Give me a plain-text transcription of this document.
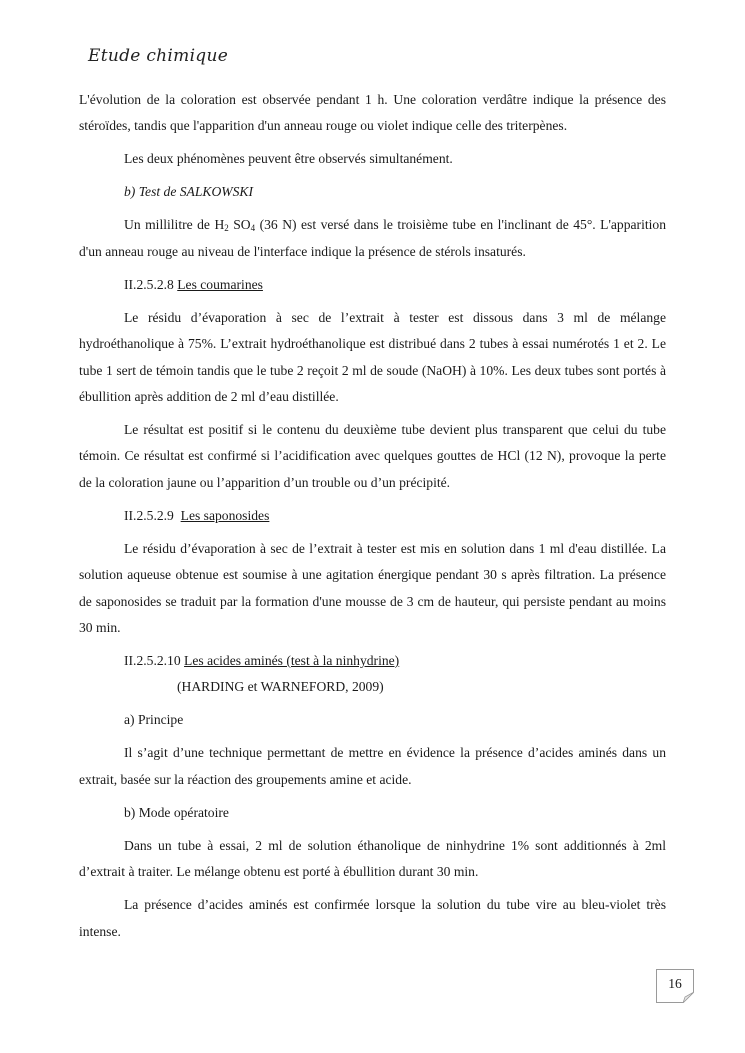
Etude chimique

L'évolution de la coloration est observée pendant 1 h. Une coloration verdâtre indique la présence des stéroïdes, tandis que l'apparition d'un anneau rouge ou violet indique celle des triterpènes.

Les deux phénomènes peuvent être observés simultanément.

b) Test de SALKOWSKI

Un millilitre de $H_2$ $SO_4$ (36 N) est versé dans le troisième tube en l'inclinant de 45°. L'apparition d'un anneau rouge au niveau de l'interface indique la présence de stérols insaturés.

II.2.5.2.8 Les coumarines

Le résidu d’évaporation à sec de l’extrait à tester est dissous dans 3 ml de mélange hydroéthanolique à 75%. L’extrait hydroéthanolique est distribué dans 2 tubes à essai numérotés 1 et 2. Le tube 1 sert de témoin tandis que le tube 2 reçoit 2 ml de soude (NaOH) à 10%. Les deux tubes sont portés à ébullition après addition de 2 ml d’eau distillée.

Le résultat est positif si le contenu du deuxième tube devient plus transparent que celui du tube témoin. Ce résultat est confirmé si l’acidification avec quelques gouttes de HCl (12 N), provoque la perte de la coloration jaune ou l’apparition d’un trouble ou d’un précipité.

II.2.5.2.9 Les saponosides

Le résidu d’évaporation à sec de l’extrait à tester est mis en solution dans 1 ml d'eau distillée. La solution aqueuse obtenue est soumise à une agitation énergique pendant 30 s après filtration. La présence de saponosides se traduit par la formation d'une mousse de 3 cm de hauteur, qui persiste pendant au moins 30 min.

II.2.5.2.10 Les acides aminés (test à la ninhydrine)

(HARDING et WARNEFORD, 2009)

a) Principe

Il s’agit d’une technique permettant de mettre en évidence la présence d’acides aminés dans un extrait, basée sur la réaction des groupements amine et acide.

b) Mode opératoire

Dans un tube à essai, 2 ml de solution éthanolique de ninhydrine 1% sont additionnés à 2ml d’extrait à traiter. Le mélange obtenu est porté à ébullition durant 30 min.

La présence d’acides aminés est confirmée lorsque la solution du tube vire au bleu-violet très intense.

16
